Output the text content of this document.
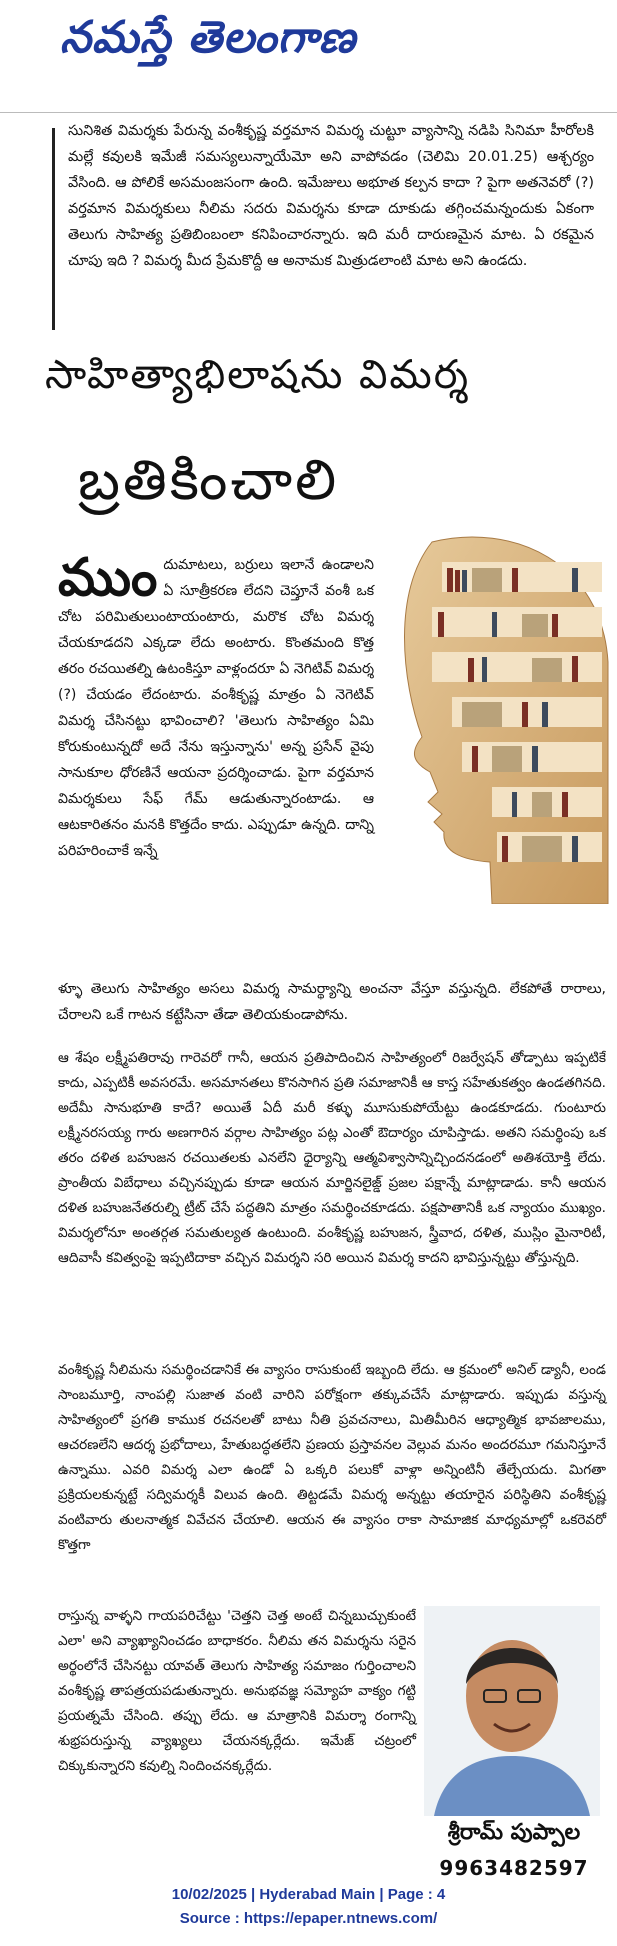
నమస్తే తెలంగాణ
సునిశిత విమర్శకు పేరున్న వంశీకృష్ణ వర్తమాన విమర్శ చుట్టూ వ్యాసాన్ని నడిపి సినిమా హీరోలకి మల్లే కవులకి ఇమేజీ సమస్యలున్నాయేమో అని వాపోవడం (చెలిమి 20.01.25) ఆశ్చర్యం వేసింది. ఆ పోలికే అసమంజసంగా ఉంది. ఇమేజులు అభూత కల్పన కాదా ? పైగా అతనెవరో (?) వర్తమాన విమర్శకులు నీలిమ సదరు విమర్శను కూడా దూకుడు తగ్గించమన్నందుకు ఏకంగా తెలుగు సాహిత్య ప్రతిబింబంలా కనిపించారన్నారు. ఇది మరీ దారుణమైన మాట. ఏ రకమైన చూపు ఇది ? విమర్శ మీద ప్రేమకొద్దీ ఆ అనామక మిత్రుడలాంటి మాట అని ఉండదు.
సాహిత్యాభిలాషను విమర్శ
బ్రతికించాలి
ముం దుమాటలు, బర్రులు ఇలానే ఉండాలని ఏ సూత్రీకరణ లేదని చెప్తూనే వంశీ ఒక చోట పరిమితులుంటాయంటారు, మరొక చోట విమర్శ చేయకూడదని ఎక్కడా లేదు అంటారు. కొంతమంది కొత్త తరం రచయితల్ని ఉటంకిస్తూ వాళ్లందరూ ఏ నెగిటివ్ విమర్శ (?) చేయడం లేదంటారు. వంశీకృష్ణ మాత్రం ఏ నెగెటివ్ విమర్శ చేసినట్టు భావించాలి? 'తెలుగు సాహిత్యం ఏమి కోరుకుంటున్నదో అదే నేను ఇస్తున్నాను' అన్న ప్రసేన్ వైపు సానుకూల ధోరణినే ఆయనా ప్రదర్శించాడు. పైగా వర్తమాన విమర్శకులు సేఫ్ గేమ్ ఆడుతున్నారంటాడు. ఆ ఆటకారితనం మనకి కొత్తదేం కాదు. ఎప్పుడూ ఉన్నది. దాన్ని పరిహరించాకే ఇన్నే
ళ్ళూ తెలుగు సాహిత్యం అసలు విమర్శ సామర్థ్యాన్ని అంచనా వేస్తూ వస్తున్నది. లేకపోతే రారాలు, చేరాలని ఒకే గాటన కట్టేసినా తేడా తెలియకుండాపోను.
ఆ శేషం లక్ష్మీపతిరావు గారెవరో గానీ, ఆయన ప్రతిపాదించిన సాహిత్యంలో రిజర్వేషన్ తోడ్పాటు ఇప్పటికే కాదు, ఎప్పటికీ అవసరమే. అసమానతలు కొనసాగిన ప్రతి సమాజానికీ ఆ కాస్త సహేతుకత్వం ఉండతగినది. అదేమీ సానుభూతి కాదే? అయితే ఏదీ మరీ కళ్ళు మూసుకుపోయేట్టు ఉండకూడదు. గుంటూరు లక్ష్మీనరసయ్య గారు అణగారిన వర్గాల సాహిత్యం పట్ల ఎంతో ఔదార్యం చూపిస్తాడు. అతని సమర్థింపు ఒక తరం దళిత బహుజన రచయితలకు ఎనలేని ధైర్యాన్ని ఆత్మవిశ్వాసాన్నిచ్చిందనడంలో అతిశయోక్తి లేదు. ప్రాంతీయ విబేధాలు వచ్చినప్పుడు కూడా ఆయన మార్జినలైజ్డ్ ప్రజల పక్షాన్నే మాట్లాడాడు. కానీ ఆయన దళిత బహుజనేతరుల్ని ట్రీట్ చేసే పద్ధతిని మాత్రం సమర్థించకూడదు. పక్షపాతానికీ ఒక న్యాయం ముఖ్యం. విమర్శలోనూ అంతర్గత సమతుల్యత ఉంటుంది. వంశీకృష్ణ బహుజన, స్త్రీవాద, దళిత, ముస్లిం మైనారిటీ, ఆదివాసీ కవిత్వంపై ఇప్పటిదాకా వచ్చిన విమర్శని సరి అయిన విమర్శ కాదని భావిస్తున్నట్టు తోస్తున్నది.
వంశీకృష్ణ నీలిమను సమర్థించడానికే ఈ వ్యాసం రాసుకుంటే ఇబ్బంది లేదు. ఆ క్రమంలో అనిల్ డ్యానీ, లండ సాంబమూర్తి, నాంపల్లి సుజాత వంటి వారిని పరోక్షంగా తక్కువచేసే మాట్లాడారు. ఇప్పుడు వస్తున్న సాహిత్యంలో ప్రగతి కాముక రచనలతో బాటు నీతి ప్రవచనాలు, మితిమీరిన ఆధ్యాత్మిక భావజాలము, ఆచరణలేని ఆదర్శ ప్రభోదాలు, హేతుబద్ధతలేని ప్రణయ ప్రస్తావనల వెల్లువ మనం అందరమూ గమనిస్తూనే ఉన్నాము. ఎవరి విమర్శ ఎలా ఉండో ఏ ఒక్కరి పలుకో వాళ్లా అన్నింటినీ తేల్చేయదు. మిగతా ప్రక్రియలకున్నట్టే సద్విమర్శకీ విలువ ఉంది. తిట్టడమే విమర్శ అన్నట్టు తయారైన పరిస్థితిని వంశీకృష్ణ వంటివారు తులనాత్మక వివేచన చేయాలి. ఆయన ఈ వ్యాసం రాకా సామాజిక మాధ్యమాల్లో ఒకరెవరో కొత్తగా
రాస్తున్న వాళ్ళని గాయపరిచేట్టు 'చెత్తని చెత్త అంటే చిన్నబుచ్చుకుంటే ఎలా' అని వ్యాఖ్యానించడం బాధాకరం. నీలిమ తన విమర్శను సరైన అర్థంలోనే చేసినట్టు యావత్ తెలుగు సాహిత్య సమాజం గుర్తించాలని వంశీకృష్ణ తాపత్రయపడుతున్నారు. అనుభవజ్ఞ సమ్యోహ వాక్యం గట్టి ప్రయత్నమే చేసింది. తప్పు లేదు. ఆ మాత్రానికి విమర్శా రంగాన్ని శుభ్రపరుస్తున్న వ్యాఖ్యలు చేయనక్కర్లేదు. ఇమేజ్ చట్రంలో చిక్కుకున్నారని కవుల్ని నిందించనక్కర్లేదు.
శ్రీరామ్ పుప్పాల
9963482597
10/02/2025 | Hyderabad Main | Page : 4
Source : https://epaper.ntnews.com/
